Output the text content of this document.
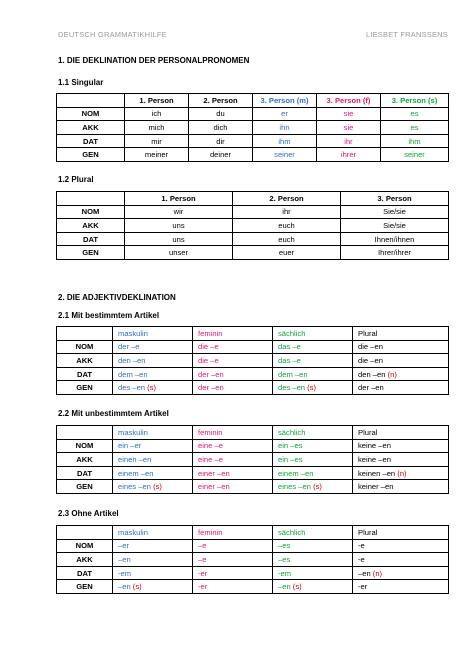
DEUTSCH GRAMMATIKHILFE	LIESBET FRANSSENS
1. DIE DEKLINATION DER PERSONALPRONOMEN
1.1 Singular
	1. Person	2. Person	3. Person (m)	3. Person (f)	3. Person (s)
NOM	ich	du	er	sie	es
AKK	mich	dich	ihn	sie	es
DAT	mir	dir	ihm	ihr	ihm
GEN	meiner	deiner	seiner	ihrer	seiner
1.2 Plural
	1. Person	2. Person	3. Person
NOM	wir	ihr	Sie/sie
AKK	uns	euch	Sie/sie
DAT	uns	euch	Ihnen/ihnen
GEN	unser	euer	Ihrer/ihrer
2. DIE ADJEKTIVDEKLINATION
2.1 Mit bestimmtem Artikel
	maskulin	feminin	sächlich	Plural
NOM	der –e	die –e	das –e	die –en
AKK	den –en	die –e	das –e	die –en
DAT	dem –en	der –en	dem –en	den –en (n)
GEN	des –en (s)	der –en	des –en (s)	der –en
2.2 Mit unbestimmtem Artikel
	maskulin	feminin	sächlich	Plural
NOM	ein –er	eine –e	ein –es	keine –en
AKK	einen –en	eine –e	ein –es	keine –en
DAT	einem –en	einer –en	einem –en	keinen –en (n)
GEN	eines –en (s)	einer –en	eines –en (s)	keiner –en
2.3 Ohne Artikel
	maskulin	feminin	sächlich	Plural
NOM	–er	–e	–es	-e
AKK	–en	–e	–es	-e
DAT	-em	-er	-em	–en (n)
GEN	–en (s)	-er	–en (s)	-er
